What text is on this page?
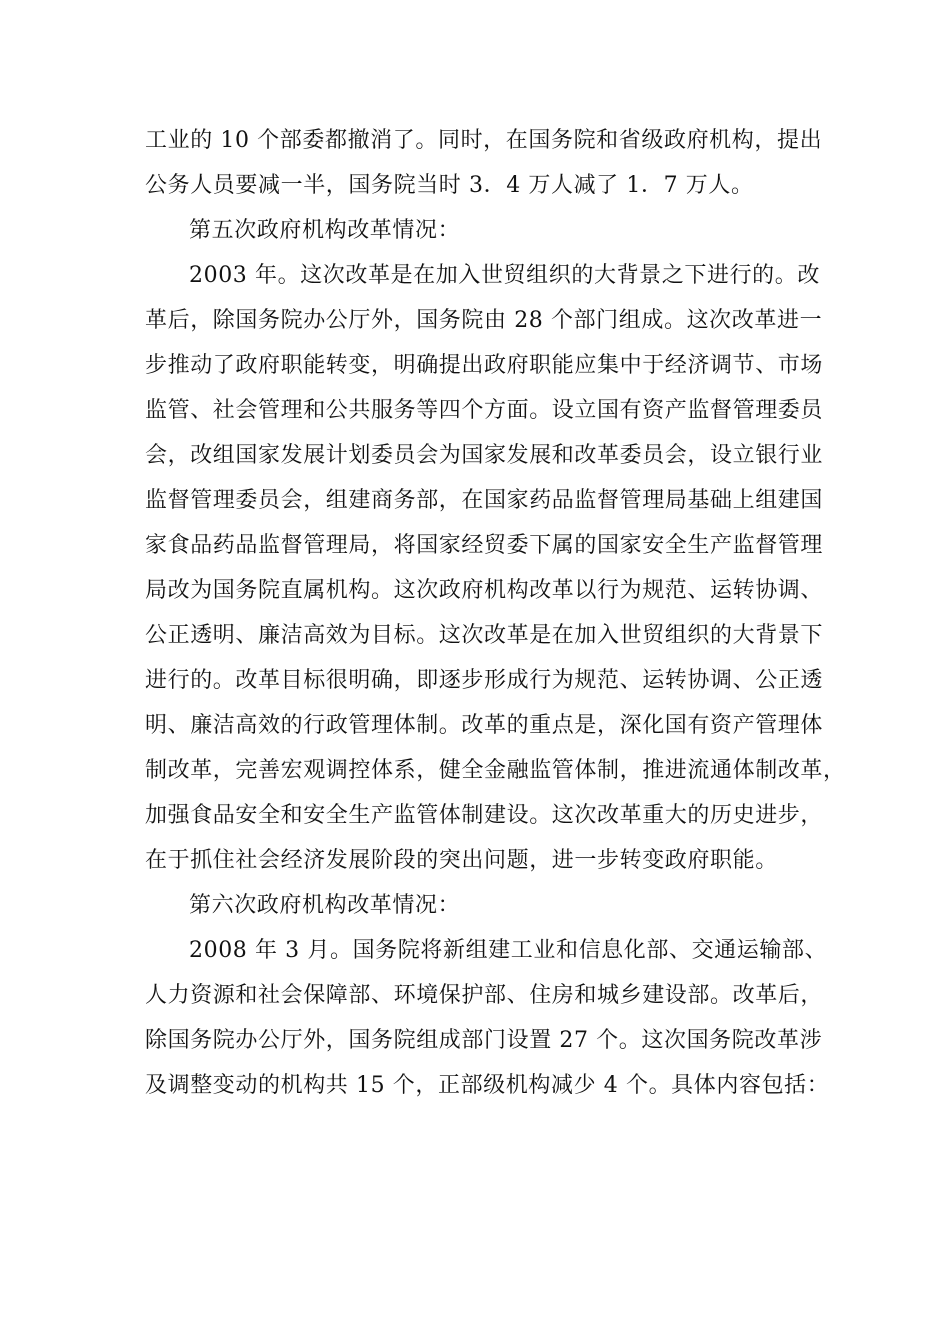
工业的 10 个部委都撤消了。同时，在国务院和省级政府机构，提出
公务人员要减一半，国务院当时 3．4 万人减了 1．7 万人。
第五次政府机构改革情况：
2003 年。这次改革是在加入世贸组织的大背景之下进行的。改
革后，除国务院办公厅外，国务院由 28 个部门组成。这次改革进一
步推动了政府职能转变，明确提出政府职能应集中于经济调节、市场
监管、社会管理和公共服务等四个方面。设立国有资产监督管理委员
会，改组国家发展计划委员会为国家发展和改革委员会，设立银行业
监督管理委员会，组建商务部，在国家药品监督管理局基础上组建国
家食品药品监督管理局，将国家经贸委下属的国家安全生产监督管理
局改为国务院直属机构。这次政府机构改革以行为规范、运转协调、
公正透明、廉洁高效为目标。这次改革是在加入世贸组织的大背景下
进行的。改革目标很明确，即逐步形成行为规范、运转协调、公正透
明、廉洁高效的行政管理体制。改革的重点是，深化国有资产管理体
制改革，完善宏观调控体系，健全金融监管体制，推进流通体制改革，
加强食品安全和安全生产监管体制建设。这次改革重大的历史进步，
在于抓住社会经济发展阶段的突出问题，进一步转变政府职能。
第六次政府机构改革情况：
2008 年 3 月。国务院将新组建工业和信息化部、交通运输部、
人力资源和社会保障部、环境保护部、住房和城乡建设部。改革后，
除国务院办公厅外，国务院组成部门设置 27 个。这次国务院改革涉
及调整变动的机构共 15 个，正部级机构减少 4 个。具体内容包括：
